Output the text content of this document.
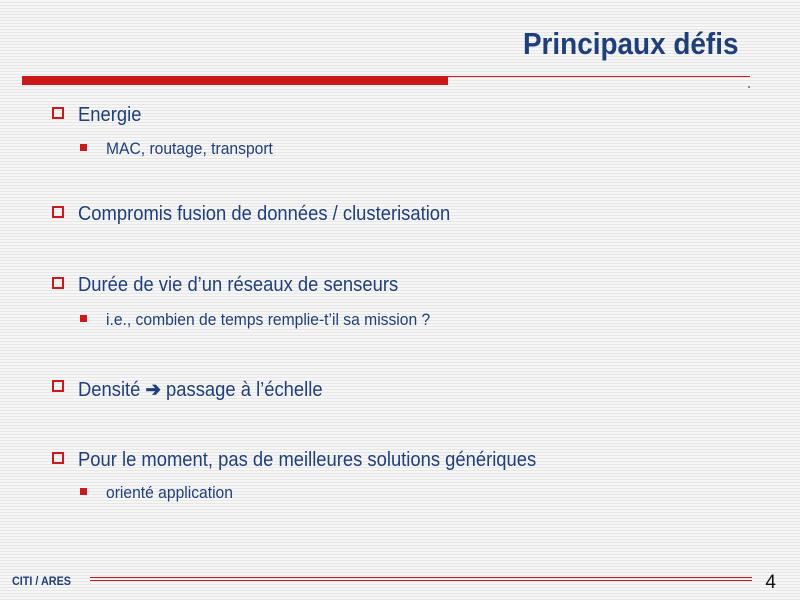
Principaux défis
Energie
MAC, routage, transport
Compromis fusion de données / clusterisation
Durée de vie d’un réseaux de senseurs
i.e., combien de temps remplie-t’il sa mission ?
Densité ➔ passage à l’échelle
Pour le moment, pas de meilleures solutions génériques
orienté application
CITI / ARES	4
